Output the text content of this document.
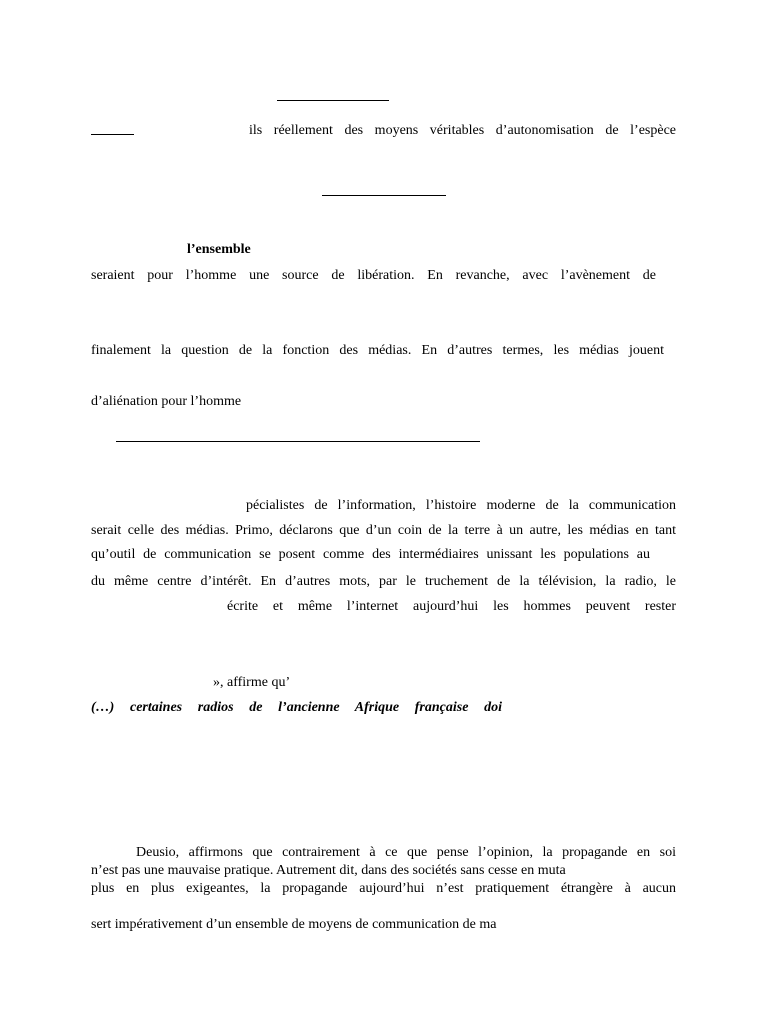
ils réellement des moyens véritables d’autonomisation de l’espèce
l’ensemble
seraient pour l’homme une source de libération. En revanche, avec l’avènement de
finalement la question de la fonction des médias. En d’autres termes, les médias jouent
d’aliénation pour l’homme
pécialistes de l’information, l’histoire moderne de la communication
serait celle des médias. Primo, déclarons que d’un coin de la terre à un autre, les médias en tant
qu’outil de communication se posent comme des intermédiaires unissant les populations au
du même centre d’intérêt. En d’autres mots, par le truchement de la télévision, la radio, le
écrite et même l’internet aujourd’hui les hommes peuvent rester
», affirme qu’
(…) certaines radios de l’ancienne Afrique française doi
Deusio, affirmons que contrairement à ce que pense l’opinion, la propagande en soi
n’est pas une mauvaise pratique. Autrement dit, dans des sociétés sans cesse en muta
plus en plus exigeantes, la propagande aujourd’hui n’est pratiquement étrangère à aucun
sert impérativement d’un ensemble de moyens de communication de ma
